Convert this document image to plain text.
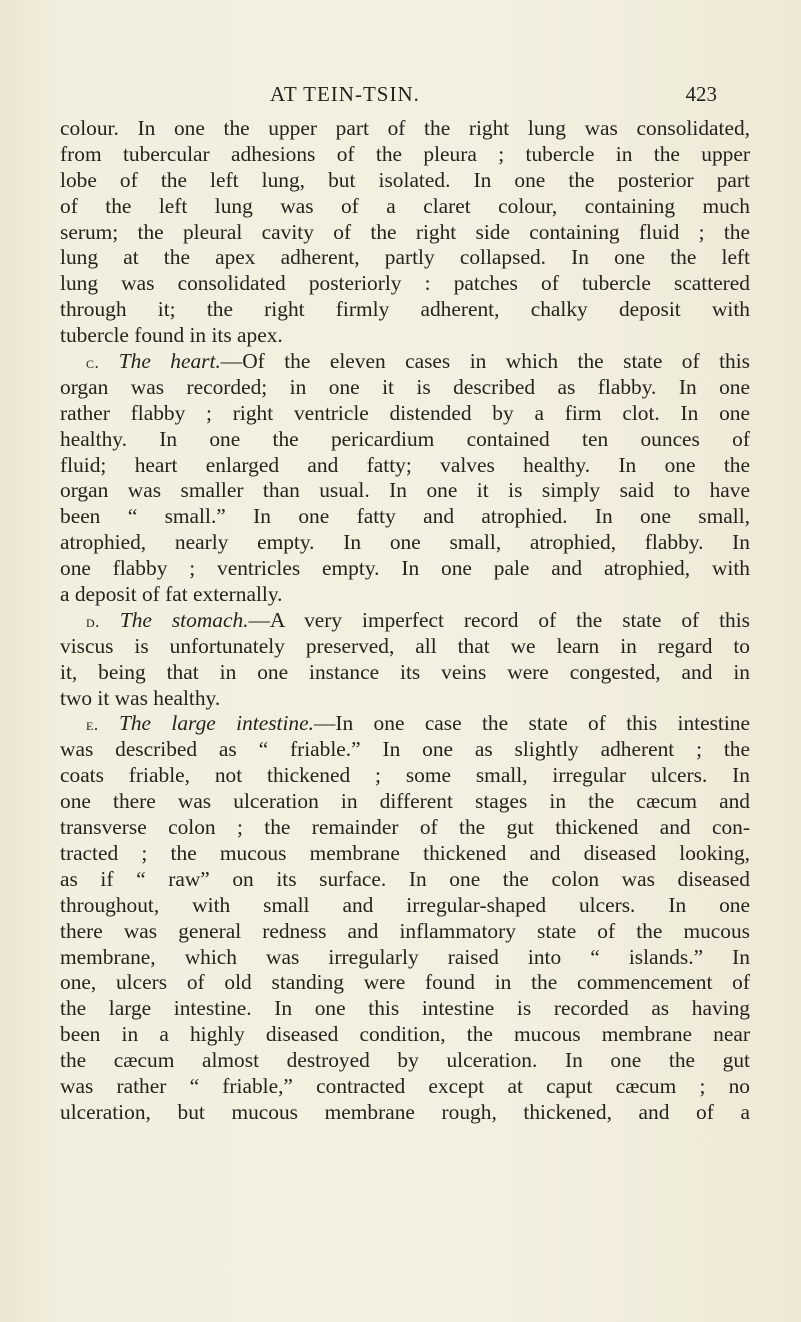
AT TEIN-TSIN.	423
colour. In one the upper part of the right lung was consolidated,
from tubercular adhesions of the pleura ; tubercle in the upper
lobe of the left lung, but isolated. In one the posterior part
of the left lung was of a claret colour, containing much
serum; the pleural cavity of the right side containing fluid ; the
lung at the apex adherent, partly collapsed. In one the left
lung was consolidated posteriorly : patches of tubercle scattered
through it; the right firmly adherent, chalky deposit with
tubercle found in its apex.
c. The heart.—Of the eleven cases in which the state of this
organ was recorded; in one it is described as flabby. In one
rather flabby ; right ventricle distended by a firm clot. In one
healthy. In one the pericardium contained ten ounces of
fluid; heart enlarged and fatty; valves healthy. In one the
organ was smaller than usual. In one it is simply said to have
been “ small.” In one fatty and atrophied. In one small,
atrophied, nearly empty. In one small, atrophied, flabby. In
one flabby ; ventricles empty. In one pale and atrophied, with
a deposit of fat externally.
d. The stomach.—A very imperfect record of the state of this
viscus is unfortunately preserved, all that we learn in regard to
it, being that in one instance its veins were congested, and in
two it was healthy.
e. The large intestine.—In one case the state of this intestine
was described as “ friable.” In one as slightly adherent ; the
coats friable, not thickened ; some small, irregular ulcers. In
one there was ulceration in different stages in the cæcum and
transverse colon ; the remainder of the gut thickened and con-
tracted ; the mucous membrane thickened and diseased looking,
as if “ raw” on its surface. In one the colon was diseased
throughout, with small and irregular-shaped ulcers. In one
there was general redness and inflammatory state of the mucous
membrane, which was irregularly raised into “ islands.” In
one, ulcers of old standing were found in the commencement of
the large intestine. In one this intestine is recorded as having
been in a highly diseased condition, the mucous membrane near
the cæcum almost destroyed by ulceration. In one the gut
was rather “ friable,” contracted except at caput cæcum ; no
ulceration, but mucous membrane rough, thickened, and of a
